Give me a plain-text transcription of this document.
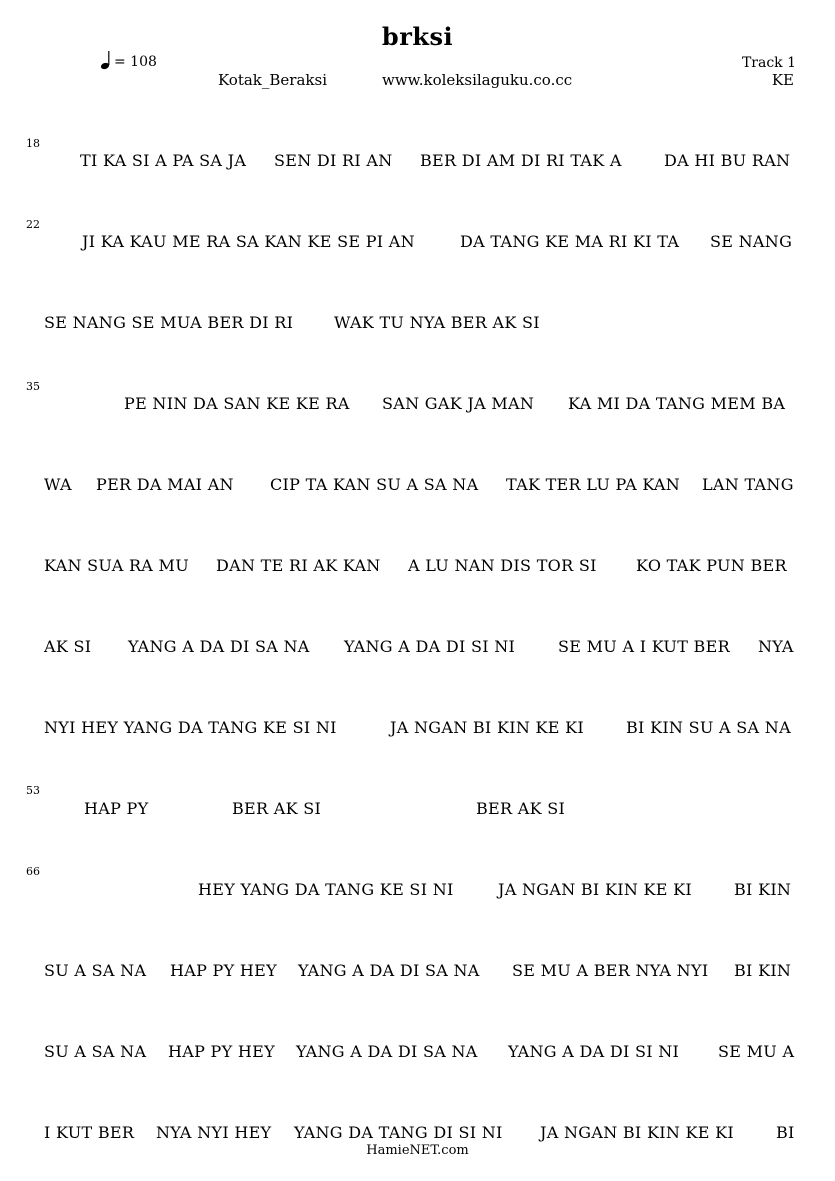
brksi
= 108
Kotak_Beraksi	www.koleksilaguku.co.cc
Track 1
KE
18
22
35
53
66
TI KA SI A PA SA JA SEN DI RI AN BER DI AM DI RI TAK A	DA HI BU RAN
JI KA KAU ME RA SA KAN KE SE PI AN	DA TANG KE MA RI KI TA SE NANG
SE NANG SE MUA BER DI RI	WAK TU NYA BER AK SI
PE NIN DA SAN KE KE RA SAN GAK JA MAN KA MI DA TANG MEM BA
WA PER DA MAI AN CIP TA KAN SU A SA NA TAK TER LU PA KAN LAN TANG
KAN SUA RA MU DAN TE RI AK KAN A LU NAN DIS TOR SI KO TAK PUN BER
AK SI YANG A DA DI SA NA YANG A DA DI SI NI	SE MU A I KUT BER NYA
NYI HEY YANG DA TANG KE SI NI	JA NGAN BI KIN KE KI	BI KIN SU A SA NA
HAP PY	BER AK SI	BER AK SI
HEY YANG DA TANG KE SI NI	JA NGAN BI KIN KE KI	BI KIN
SU A SA NA HAP PY HEY YANG A DA DI SA NA SE MU A BER NYA NYI BI KIN
SU A SA NA HAP PY HEY YANG A DA DI SA NA YANG A DA DI SI NI SE MU A
I KUT BER NYA NYI HEY YANG DA TANG DI SI NI JA NGAN BI KIN KE KI	BI
HamieNET.com
